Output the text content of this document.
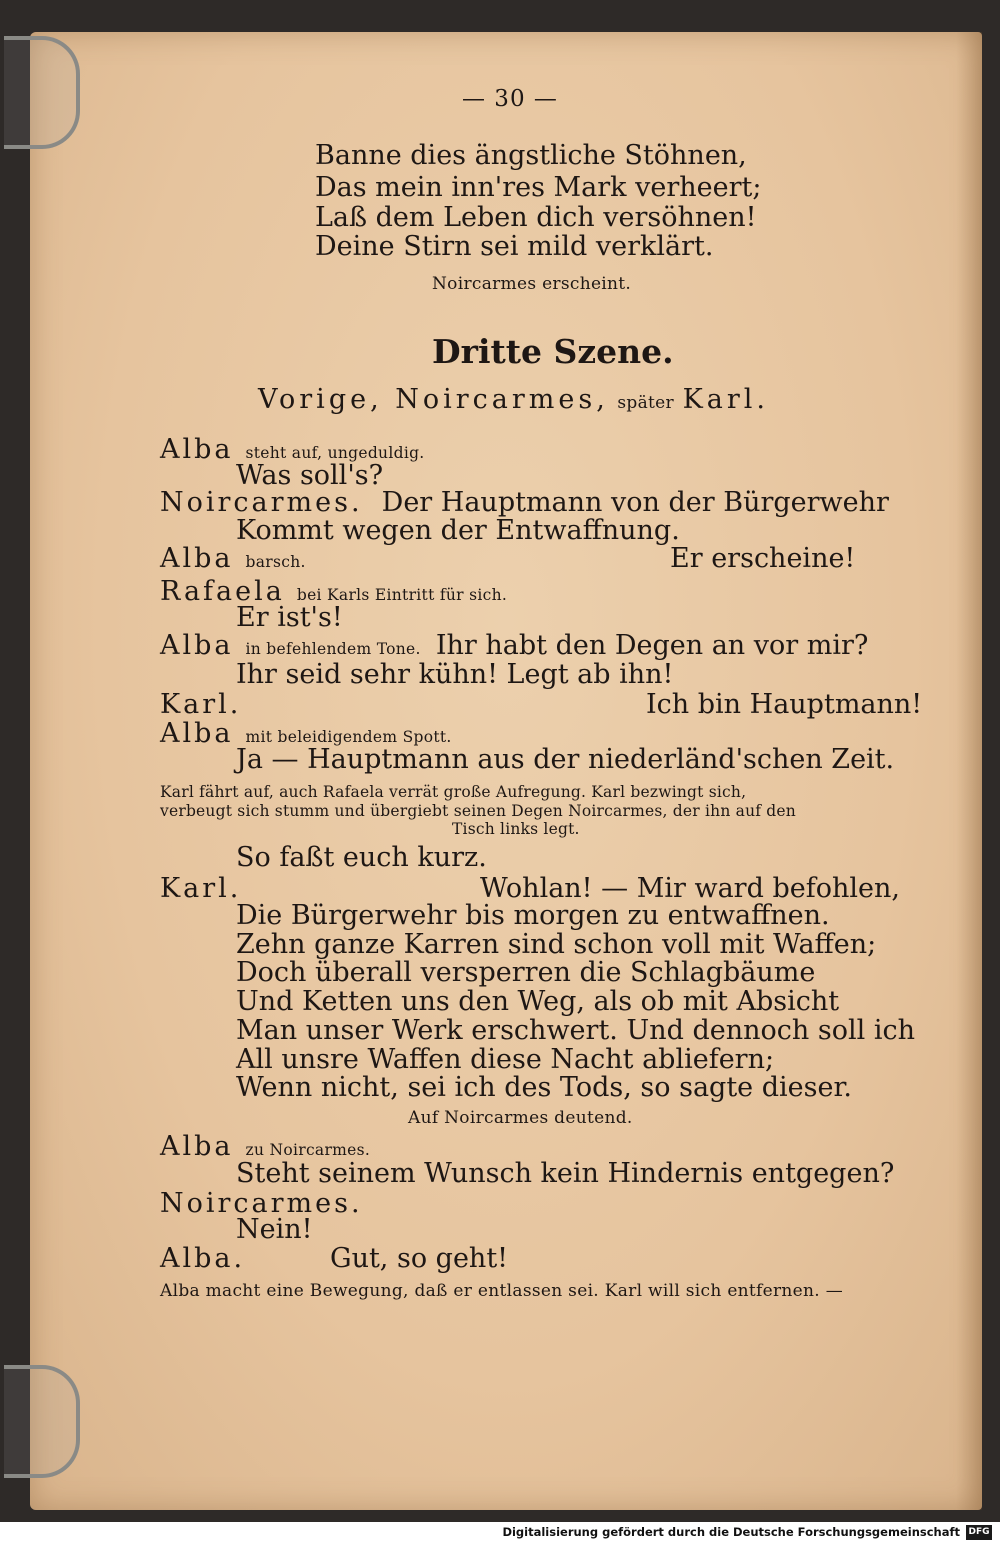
— 30 —
Banne dies ängstliche Stöhnen,
Das mein inn'res Mark verheert;
Laß dem Leben dich versöhnen!
Deine Stirn sei mild verklärt.
Noircarmes erscheint.
Dritte Szene.
Vorige, Noircarmes, später Karl.
Alba steht auf, ungeduldig.
Was soll's?
Noircarmes. Der Hauptmann von der Bürgerwehr
Kommt wegen der Entwaffnung.
Alba barsch.	Er erscheine!
Rafaela bei Karls Eintritt für sich.
Er ist's!
Alba in befehlendem Tone. Ihr habt den Degen an vor mir?
Ihr seid sehr kühn! Legt ab ihn!
Karl.	Ich bin Hauptmann!
Alba mit beleidigendem Spott.
Ja — Hauptmann aus der niederländ'schen Zeit.
Karl fährt auf, auch Rafaela verrät große Aufregung. Karl bezwingt sich,
verbeugt sich stumm und übergiebt seinen Degen Noircarmes, der ihn auf den
Tisch links legt.
So faßt euch kurz.
Karl.	Wohlan! — Mir ward befohlen,
Die Bürgerwehr bis morgen zu entwaffnen.
Zehn ganze Karren sind schon voll mit Waffen;
Doch überall versperren die Schlagbäume
Und Ketten uns den Weg, als ob mit Absicht
Man unser Werk erschwert. Und dennoch soll ich
All unsre Waffen diese Nacht abliefern;
Wenn nicht, sei ich des Tods, so sagte dieser.
Auf Noircarmes deutend.
Alba zu Noircarmes.
Steht seinem Wunsch kein Hindernis entgegen?
Noircarmes.
Nein!
Alba.	Gut, so geht!
Alba macht eine Bewegung, daß er entlassen sei. Karl will sich entfernen. —
Digitalisierung gefördert durch die Deutsche Forschungsgemeinschaft DFG
